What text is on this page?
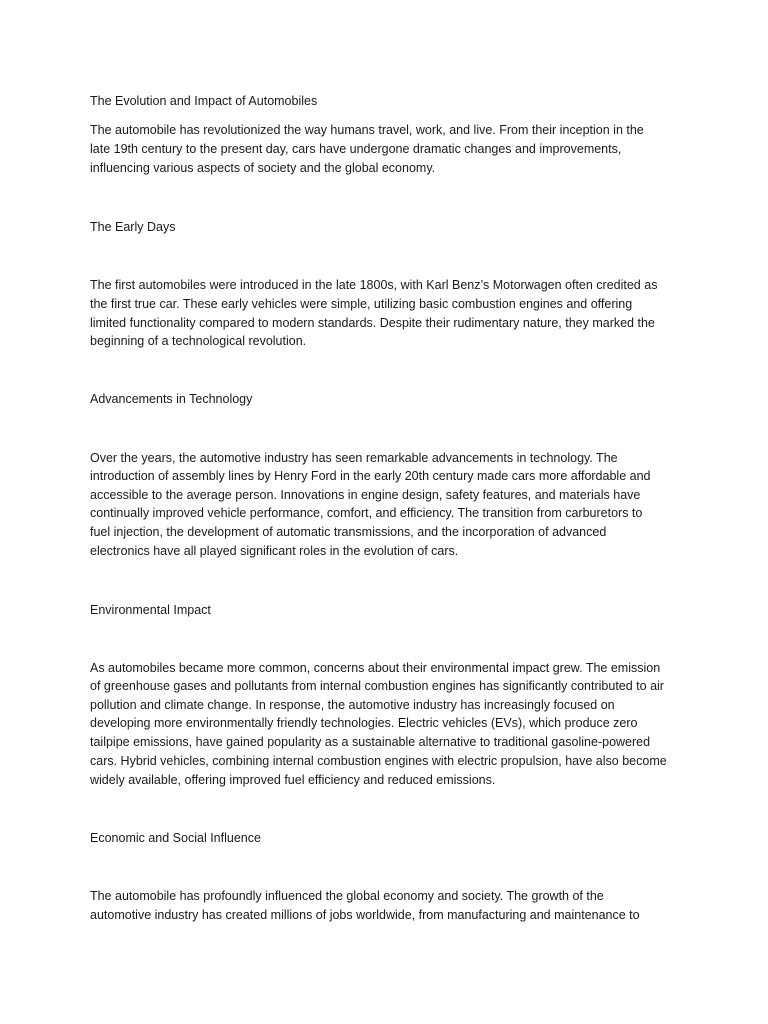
The Evolution and Impact of Automobiles

The automobile has revolutionized the way humans travel, work, and live. From their inception in the

late 19th century to the present day, cars have undergone dramatic changes and improvements,

influencing various aspects of society and the global economy.

The Early Days

The first automobiles were introduced in the late 1800s, with Karl Benz’s Motorwagen often credited as

the first true car. These early vehicles were simple, utilizing basic combustion engines and offering

limited functionality compared to modern standards. Despite their rudimentary nature, they marked the

beginning of a technological revolution.

Advancements in Technology

Over the years, the automotive industry has seen remarkable advancements in technology. The

introduction of assembly lines by Henry Ford in the early 20th century made cars more affordable and

accessible to the average person. Innovations in engine design, safety features, and materials have

continually improved vehicle performance, comfort, and efficiency. The transition from carburetors to

fuel injection, the development of automatic transmissions, and the incorporation of advanced

electronics have all played significant roles in the evolution of cars.

Environmental Impact

As automobiles became more common, concerns about their environmental impact grew. The emission

of greenhouse gases and pollutants from internal combustion engines has significantly contributed to air

pollution and climate change. In response, the automotive industry has increasingly focused on

developing more environmentally friendly technologies. Electric vehicles (EVs), which produce zero

tailpipe emissions, have gained popularity as a sustainable alternative to traditional gasoline-powered

cars. Hybrid vehicles, combining internal combustion engines with electric propulsion, have also become

widely available, offering improved fuel efficiency and reduced emissions.

Economic and Social Influence

The automobile has profoundly influenced the global economy and society. The growth of the

automotive industry has created millions of jobs worldwide, from manufacturing and maintenance to
